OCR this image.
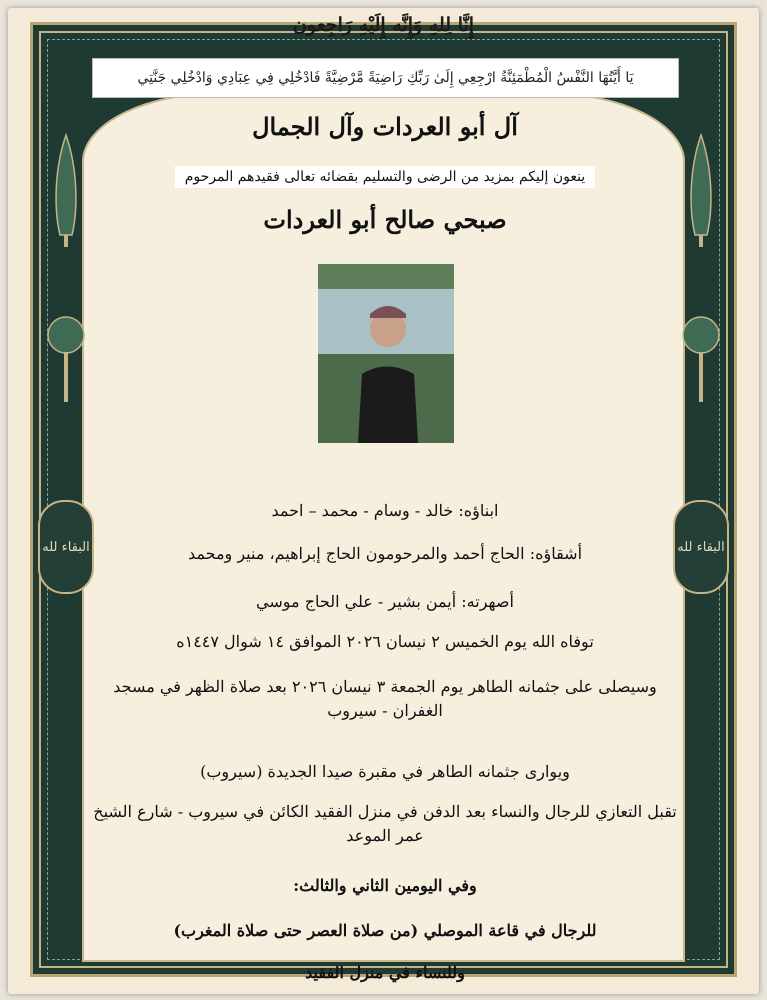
البقاء لله	البقاء لله
إِنَّا لِلهِ وَإِنَّه إِلَيْهِ رَاجِعون
يَا أَيَّتُهَا النَّفْسُ الْمُطْمَئِنَّةُ ارْجِعِي إِلَىٰ رَبِّكِ رَاضِيَةً مَّرْضِيَّةً فَادْخُلِي فِي عِبَادِي وَادْخُلِي جَنَّتِي
آل أبو العردات وآل الجمال
ينعون إليكم بمزيد من الرضى والتسليم بقضائه تعالى فقيدهم المرحوم
صبحي صالح أبو العردات
ابناؤه: خالد - وسام - محمد – احمد
أشقاؤه: الحاج أحمد والمرحومون الحاج إبراهيم، منير ومحمد
أصهرته: أيمن بشير - علي الحاج موسي
توفاه الله يوم الخميس ٢ نيسان ٢٠٢٦ الموافق ١٤ شوال ١٤٤٧ه
وسيصلى على جثمانه الطاهر يوم الجمعة ٣ نيسان ٢٠٢٦ بعد صلاة الظهر في مسجد الغفران - سيروب
ويوارى جثمانه الطاهر في مقبرة صيدا الجديدة (سيروب)
تقبل التعازي للرجال والنساء بعد الدفن في منزل الفقيد الكائن في سيروب - شارع الشيخ عمر الموعد
وفي اليومين الثاني والثالث:
للرجال في قاعة الموصلي (من صلاة العصر حتى صلاة المغرب)
وللنساء في منزل الفقيد
